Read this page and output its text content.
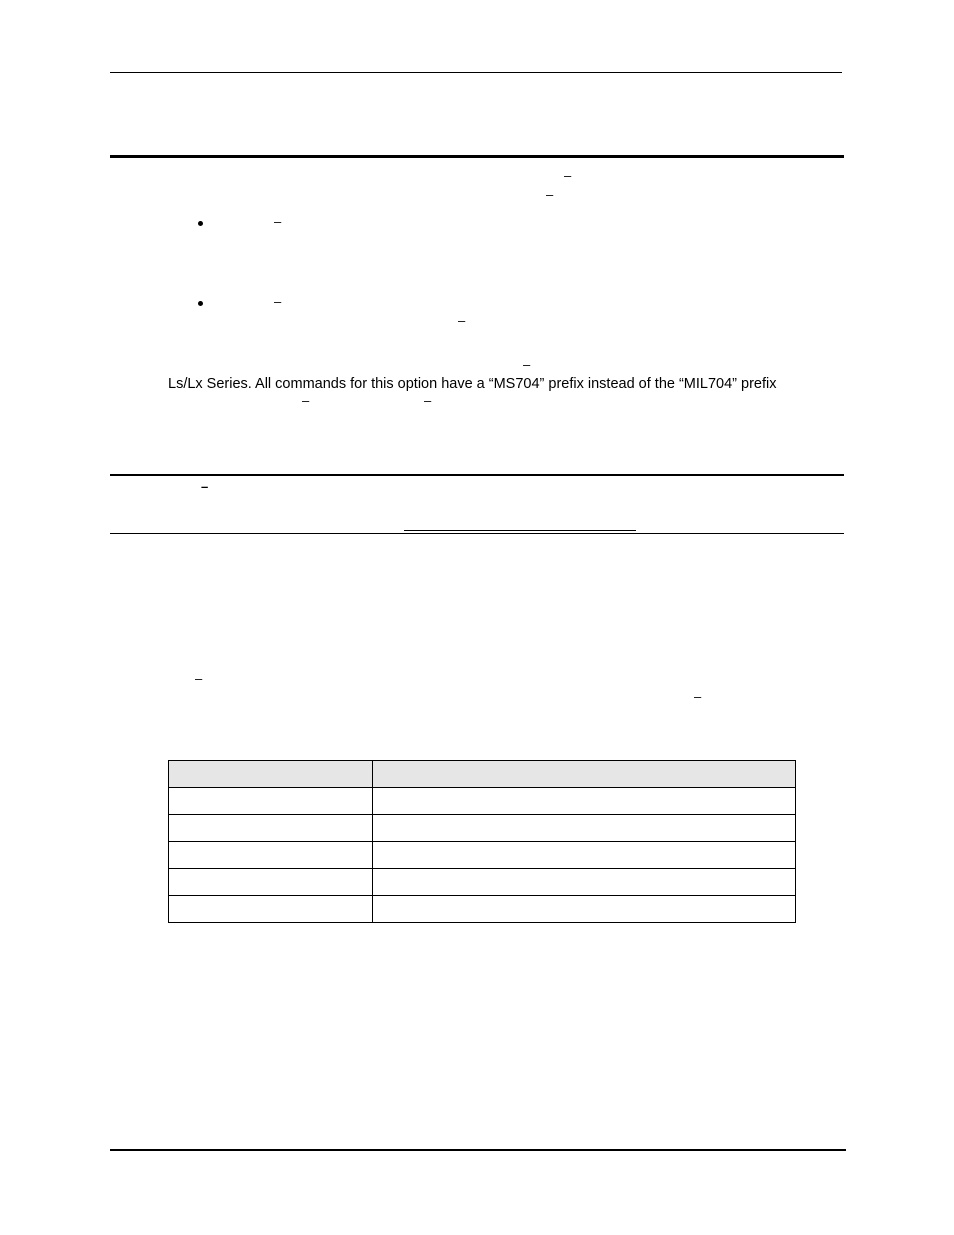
–
–
–
–
–
–
Ls/Lx Series. All commands for this option have a “MS704” prefix instead of the “MIL704” prefix
–	–
–
–
–
